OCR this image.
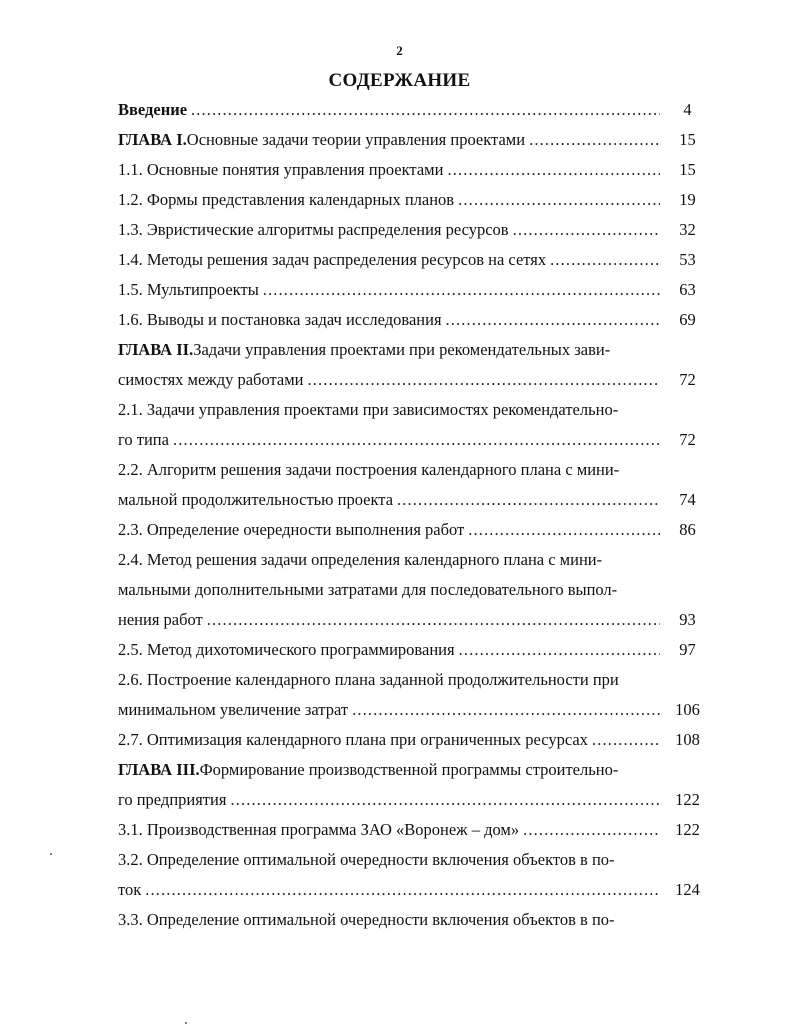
2
СОДЕРЖАНИЕ
Введение . . .	4
ГЛАВА I. Основные задачи теории управления проектами . . .	15
1.1. Основные понятия управления проектами . . .	15
1.2. Формы представления календарных планов . . .	19
1.3. Эвристические алгоритмы распределения ресурсов . . .	32
1.4. Методы решения задач распределения ресурсов на сетях . . .	53
1.5. Мультипроекты . . .	63
1.6. Выводы и постановка задач исследования . . .	69
ГЛАВА II. Задачи управления проектами при рекомендательных зави-
симостях между работами . . .	72
2.1. Задачи управления проектами при зависимостях рекомендательно-
го типа . . .	72
2.2. Алгоритм решения задачи построения календарного плана с мини-
мальной продолжительностью проекта . . .	74
2.3. Определение очередности выполнения работ . . .	86
2.4. Метод решения задачи определения календарного плана с мини-
мальными дополнительными затратами для последовательного выпол-
нения работ . . .	93
2.5. Метод дихотомического программирования . . .	97
2.6. Построение календарного плана заданной продолжительности при
минимальном увеличение затрат . . .	106
2.7. Оптимизация календарного плана при ограниченных ресурсах . . .	108
ГЛАВА III. Формирование производственной программы строительно-
го предприятия . . .	122
3.1. Производственная программа ЗАО «Воронеж – дом» . . .	122
3.2. Определение оптимальной очередности включения объектов в по-
ток . . .	124
3.3. Определение оптимальной очередности включения объектов в по-
